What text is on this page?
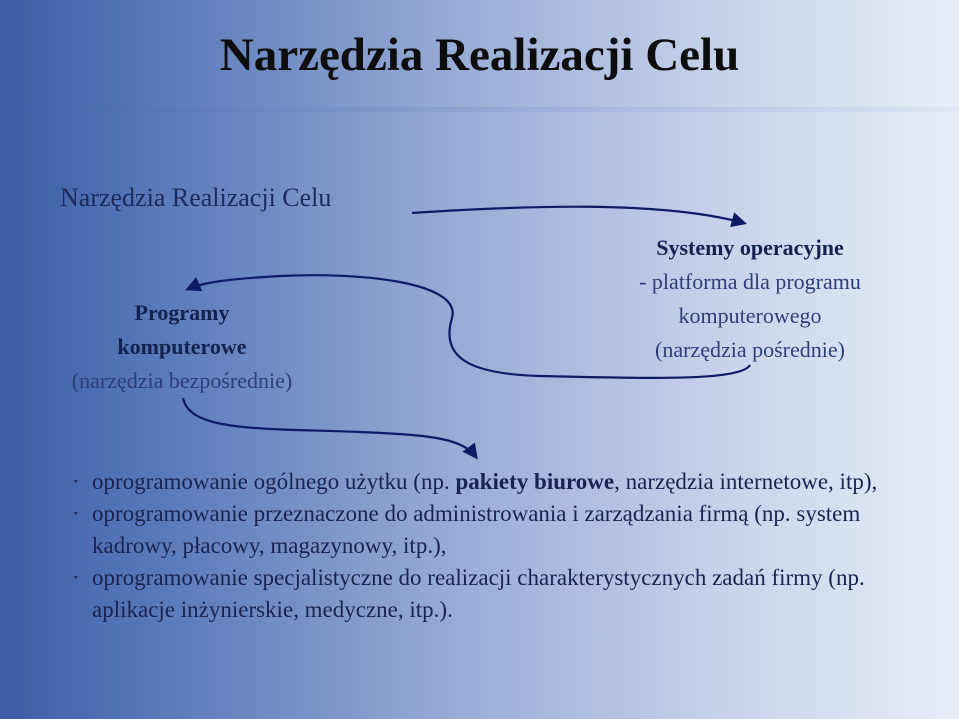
Narzędzia Realizacji Celu
Narzędzia Realizacji Celu
Systemy operacyjne
- platforma dla programu
komputerowego
(narzędzia pośrednie)
Programy
komputerowe
(narzędzia bezpośrednie)
· oprogramowanie ogólnego użytku (np. pakiety biurowe, narzędzia internetowe, itp),
· oprogramowanie przeznaczone do administrowania i zarządzania firmą (np. system kadrowy, płacowy, magazynowy, itp.),
· oprogramowanie specjalistyczne do realizacji charakterystycznych zadań firmy (np. aplikacje inżynierskie, medyczne, itp.).
